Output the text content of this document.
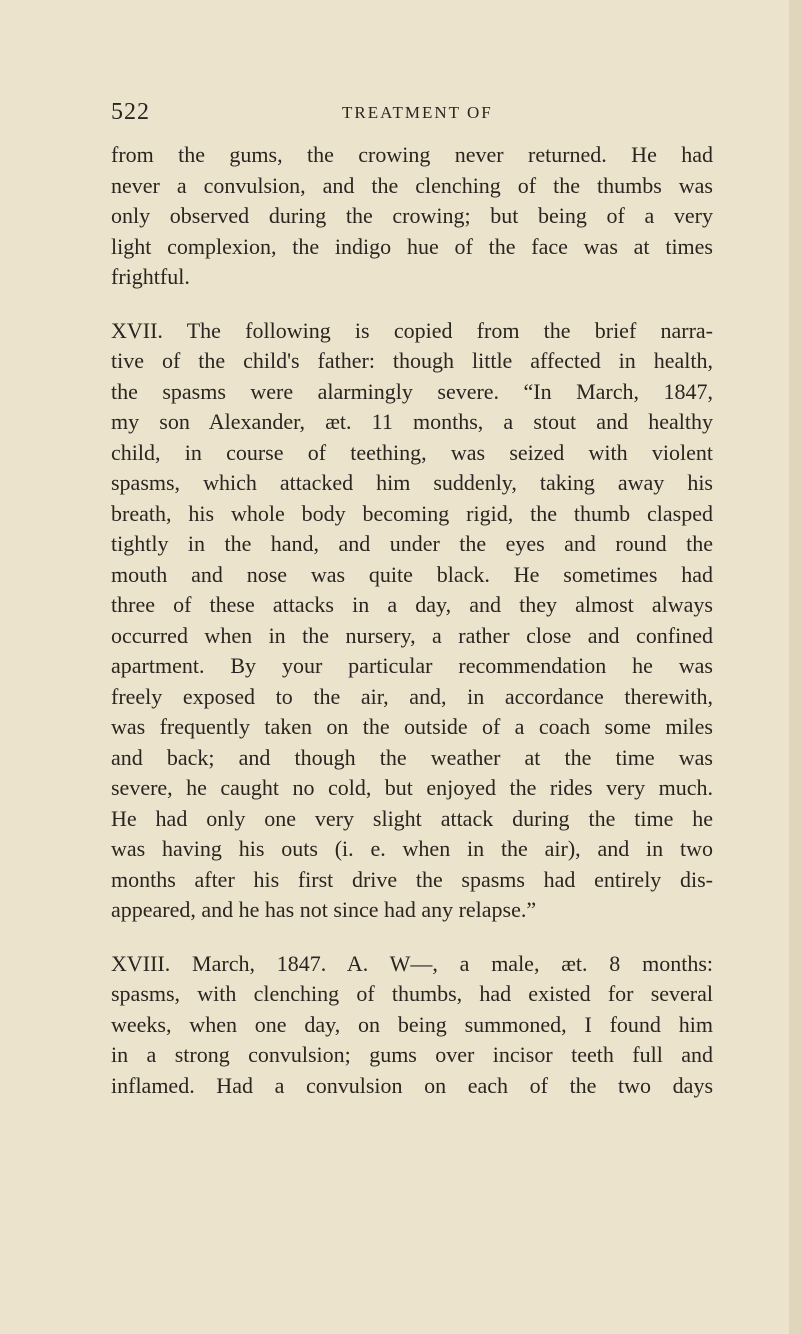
522	TREATMENT OF
from the gums, the crowing never returned. He had
never a convulsion, and the clenching of the thumbs was
only observed during the crowing; but being of a very
light complexion, the indigo hue of the face was at times
frightful.
XVII. The following is copied from the brief narra-
tive of the child's father: though little affected in health,
the spasms were alarmingly severe. “In March, 1847,
my son Alexander, æt. 11 months, a stout and healthy
child, in course of teething, was seized with violent
spasms, which attacked him suddenly, taking away his
breath, his whole body becoming rigid, the thumb clasped
tightly in the hand, and under the eyes and round the
mouth and nose was quite black. He sometimes had
three of these attacks in a day, and they almost always
occurred when in the nursery, a rather close and confined
apartment. By your particular recommendation he was
freely exposed to the air, and, in accordance therewith,
was frequently taken on the outside of a coach some miles
and back; and though the weather at the time was
severe, he caught no cold, but enjoyed the rides very much.
He had only one very slight attack during the time he
was having his outs (i. e. when in the air), and in two
months after his first drive the spasms had entirely dis-
appeared, and he has not since had any relapse.”
XVIII. March, 1847. A. W—, a male, æt. 8 months:
spasms, with clenching of thumbs, had existed for several
weeks, when one day, on being summoned, I found him
in a strong convulsion; gums over incisor teeth full and
inflamed. Had a convulsion on each of the two days
